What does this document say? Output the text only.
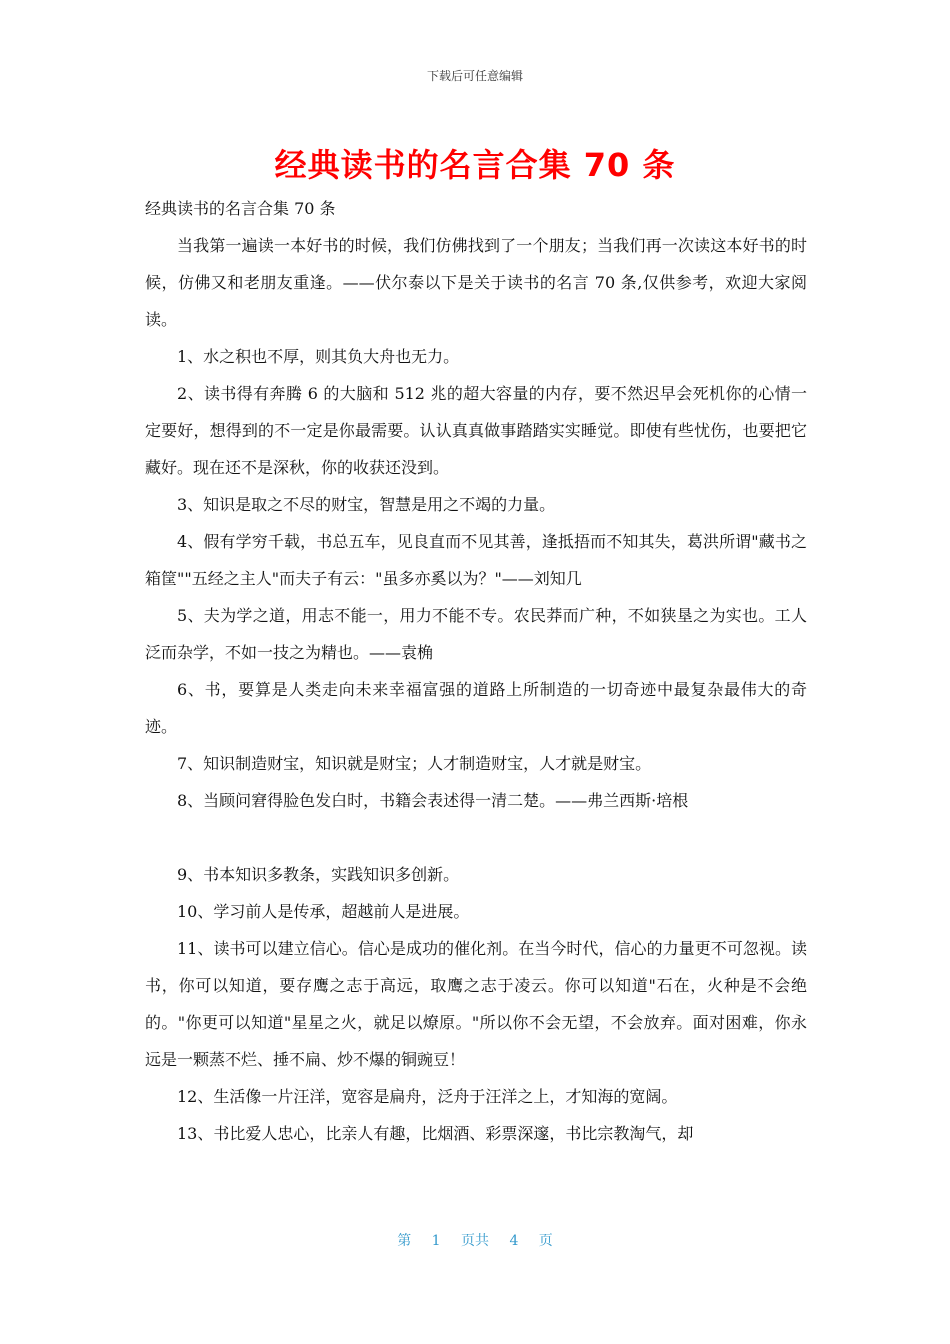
下载后可任意编辑
经典读书的名言合集 70 条
经典读书的名言合集 70 条
当我第一遍读一本好书的时候，我们仿佛找到了一个朋友；当我们再一次读这本好书的时候，仿佛又和老朋友重逢。——伏尔泰以下是关于读书的名言 70 条,仅供参考，欢迎大家阅读。
1、水之积也不厚，则其负大舟也无力。
2、读书得有奔腾 6 的大脑和 512 兆的超大容量的内存，要不然迟早会死机你的心情一定要好，想得到的不一定是你最需要。认认真真做事踏踏实实睡觉。即使有些忧伤，也要把它藏好。现在还不是深秋，你的收获还没到。
3、知识是取之不尽的财宝，智慧是用之不竭的力量。
4、假有学穷千载，书总五车，见良直而不见其善，逢抵捂而不知其失，葛洪所谓"藏书之箱筐""五经之主人"而夫子有云："虽多亦奚以为？"——刘知几
5、夫为学之道，用志不能一，用力不能不专。农民莽而广种，不如狭垦之为实也。工人泛而杂学，不如一技之为精也。——袁桷
6、书，要算是人类走向未来幸福富强的道路上所制造的一切奇迹中最复杂最伟大的奇迹。
7、知识制造财宝，知识就是财宝；人才制造财宝，人才就是财宝。
8、当顾问窘得脸色发白时，书籍会表述得一清二楚。——弗兰西斯·培根
9、书本知识多教条，实践知识多创新。
10、学习前人是传承，超越前人是进展。
11、读书可以建立信心。信心是成功的催化剂。在当今时代，信心的力量更不可忽视。读书，你可以知道，要存鹰之志于高远，取鹰之志于凌云。你可以知道"石在，火种是不会绝的。"你更可以知道"星星之火，就足以燎原。"所以你不会无望，不会放弃。面对困难，你永远是一颗蒸不烂、捶不扁、炒不爆的铜豌豆！
12、生活像一片汪洋，宽容是扁舟，泛舟于汪洋之上，才知海的宽阔。
13、书比爱人忠心，比亲人有趣，比烟酒、彩票深邃，书比宗教淘气，却
第 1 页共 4 页
